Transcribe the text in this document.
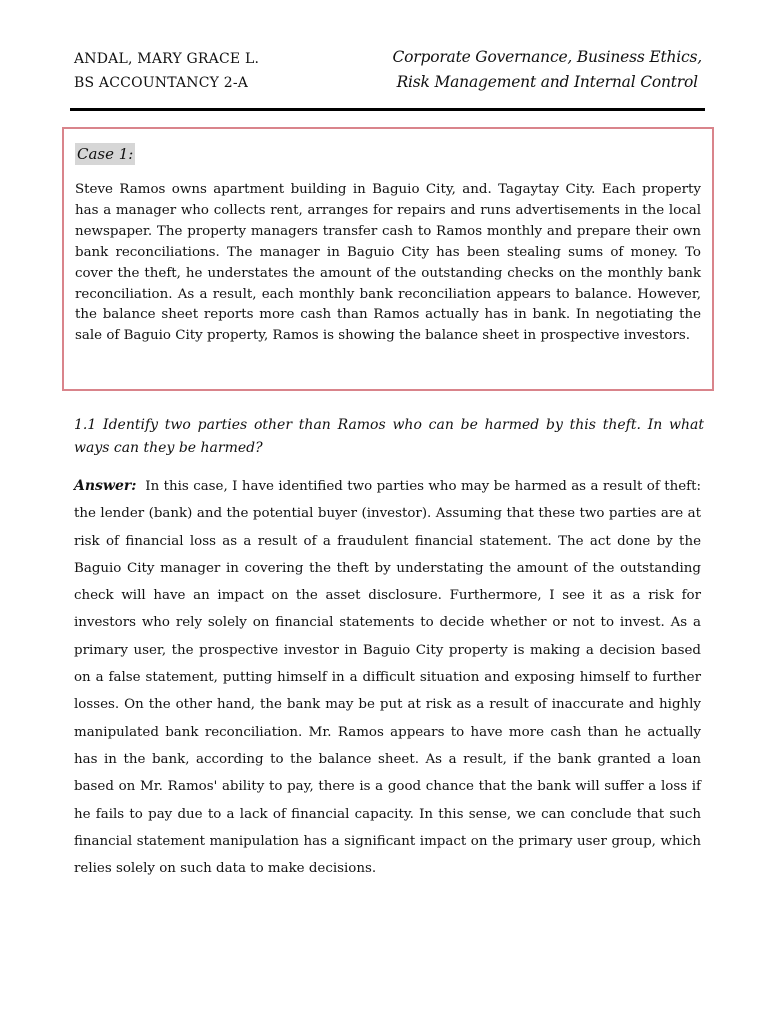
ANDAL, MARY GRACE L.
BS ACCOUNTANCY 2-A
Corporate Governance, Business Ethics,
Risk Management and Internal Control
Case 1:

Steve Ramos owns apartment building in Baguio City, and. Tagaytay City. Each property has a manager who collects rent, arranges for repairs and runs advertisements in the local newspaper. The property managers transfer cash to Ramos monthly and prepare their own bank reconciliations. The manager in Baguio City has been stealing sums of money. To cover the theft, he understates the amount of the outstanding checks on the monthly bank reconciliation. As a result, each monthly bank reconciliation appears to balance. However, the balance sheet reports more cash than Ramos actually has in bank. In negotiating the sale of Baguio City property, Ramos is showing the balance sheet in prospective investors.

1.1 Identify two parties other than Ramos who can be harmed by this theft. In what ways can they be harmed?

Answer: In this case, I have identified two parties who may be harmed as a result of theft: the lender (bank) and the potential buyer (investor). Assuming that these two parties are at risk of financial loss as a result of a fraudulent financial statement. The act done by the Baguio City manager in covering the theft by understating the amount of the outstanding check will have an impact on the asset disclosure. Furthermore, I see it as a risk for investors who rely solely on financial statements to decide whether or not to invest. As a primary user, the prospective investor in Baguio City property is making a decision based on a false statement, putting himself in a difficult situation and exposing himself to further losses. On the other hand, the bank may be put at risk as a result of inaccurate and highly manipulated bank reconciliation. Mr. Ramos appears to have more cash than he actually has in the bank, according to the balance sheet. As a result, if the bank granted a loan based on Mr. Ramos' ability to pay, there is a good chance that the bank will suffer a loss if he fails to pay due to a lack of financial capacity. In this sense, we can conclude that such financial statement manipulation has a significant impact on the primary user group, which relies solely on such data to make decisions.
